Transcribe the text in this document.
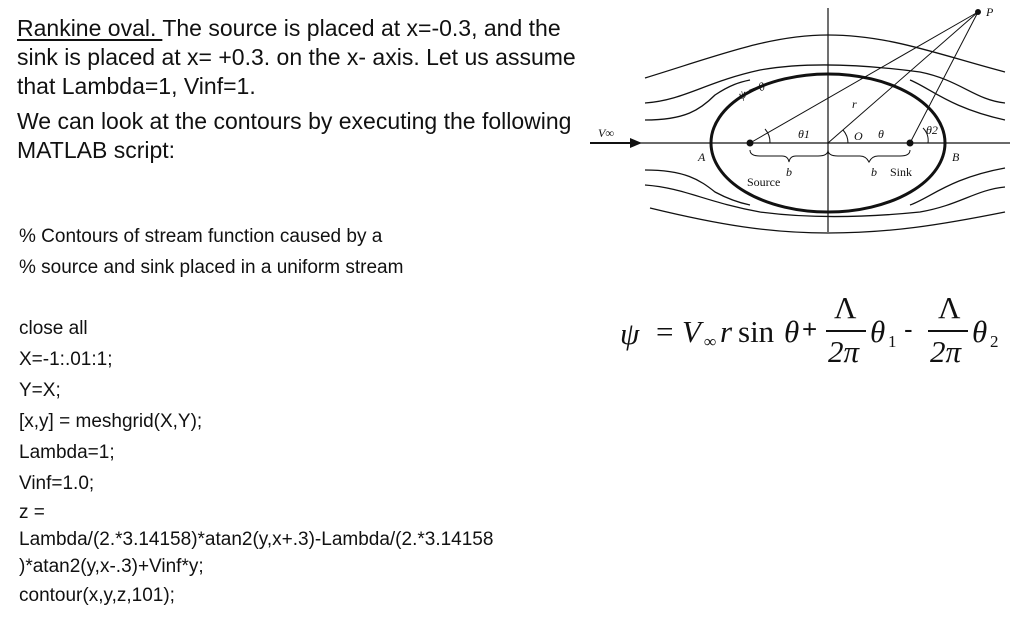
Rankine oval. The source is placed at x=-0.3, and the sink is placed at x= +0.3. on the x- axis. Let us assume that Lambda=1, Vinf=1.
We can look at the contours by executing the following MATLAB script:
% Contours of stream function caused by a
% source and sink placed in a uniform stream
close all
X=-1:.01:1;
Y=X;
[x,y] = meshgrid(X,Y);
Lambda=1;
Vinf=1.0;
z =
Lambda/(2.*3.14158)*atan2(y,x+.3)-Lambda/(2.*3.14158
)*atan2(y,x-.3)+Vinf*y;
contour(x,y,z,101);
P
ψ = 0
V∞
A	B
θ1	θ	θ2
O
r
b	b
Source
Sink
ψ = V ∞ r sin θ +
Λ
2π
θ 1 -
Λ
2π
θ 2
